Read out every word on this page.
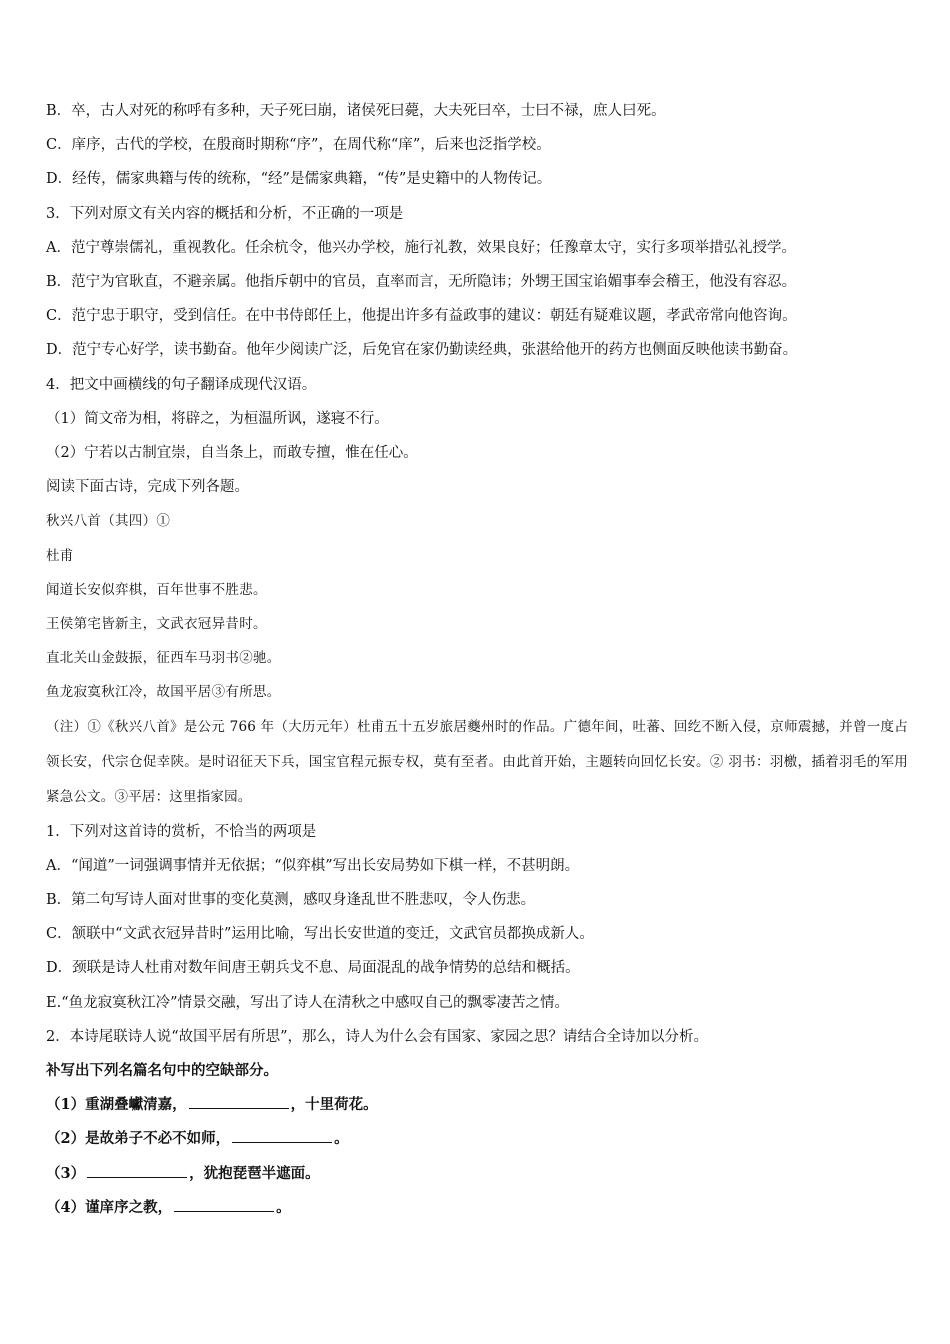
B．卒，古人对死的称呼有多种，天子死曰崩，诸侯死曰薨，大夫死曰卒，士曰不禄，庶人曰死。
C．庠序，古代的学校，在殷商时期称“序”，在周代称“庠”，后来也泛指学校。
D．经传，儒家典籍与传的统称，“经”是儒家典籍，“传”是史籍中的人物传记。
3．下列对原文有关内容的概括和分析，不正确的一项是
A．范宁尊崇儒礼，重视教化。任余杭令，他兴办学校，施行礼教，效果良好；任豫章太守，实行多项举措弘礼授学。
B．范宁为官耿直，不避亲属。他指斥朝中的官员，直率而言，无所隐讳；外甥王国宝谄媚事奉会稽王，他没有容忍。
C．范宁忠于职守，受到信任。在中书侍郎任上，他提出许多有益政事的建议：朝廷有疑难议题，孝武帝常向他咨询。
D．范宁专心好学，读书勤奋。他年少阅读广泛，后免官在家仍勤读经典，张湛给他开的药方也侧面反映他读书勤奋。
4．把文中画横线的句子翻译成现代汉语。
（1）简文帝为相，将辟之，为桓温所讽，遂寝不行。
（2）宁若以古制宜崇，自当条上，而敢专擅，惟在任心。
阅读下面古诗，完成下列各题。
秋兴八首（其四）①
杜甫
闻道长安似弈棋，百年世事不胜悲。
王侯第宅皆新主，文武衣冠异昔时。
直北关山金鼓振，征西车马羽书②驰。
鱼龙寂寞秋江冷，故国平居③有所思。
（注）①《秋兴八首》是公元 766 年（大历元年）杜甫五十五岁旅居夔州时的作品。广德年间，吐蕃、回纥不断入侵，京师震撼，并曾一度占领长安，代宗仓促幸陕。是时诏征天下兵，国宝官程元振专权，莫有至者。由此首开始，主题转向回忆长安。② 羽书：羽檄，插着羽毛的军用紧急公文。③平居：这里指家园。
1．下列对这首诗的赏析，不恰当的两项是
A．“闻道”一词强调事情并无依据；“似弈棋”写出长安局势如下棋一样，不甚明朗。
B．第二句写诗人面对世事的变化莫测，感叹身逢乱世不胜悲叹，令人伤悲。
C．颔联中“文武衣冠异昔时”运用比喻，写出长安世道的变迁，文武官员都换成新人。
D．颈联是诗人杜甫对数年间唐王朝兵戈不息、局面混乱的战争情势的总结和概括。
E.“鱼龙寂寞秋江冷”情景交融，写出了诗人在清秋之中感叹自己的飘零凄苦之情。
2．本诗尾联诗人说“故国平居有所思”，那么，诗人为什么会有国家、家园之思？请结合全诗加以分析。
补写出下列名篇名句中的空缺部分。
（1）重湖叠巘清嘉，	，十里荷花。
（2）是故弟子不必不如师，	。
（3）	，犹抱琵琶半遮面。
（4）谨庠序之教，	。
